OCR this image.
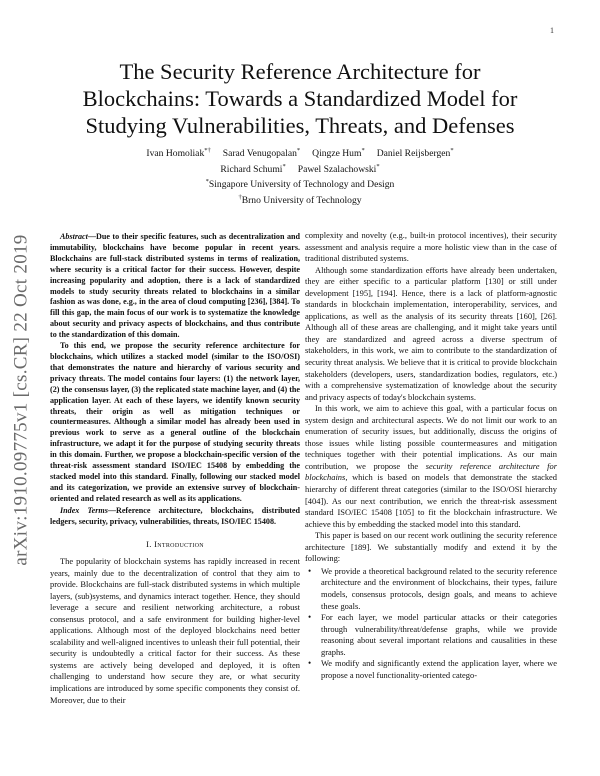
1
arXiv:1910.09775v1 [cs.CR] 22 Oct 2019
The Security Reference Architecture for
Blockchains: Towards a Standardized Model for
Studying Vulnerabilities, Threats, and Defenses
Ivan Homoliak*† Sarad Venugopalan* Qingze Hum* Daniel Reijsbergen*
Richard Schumi* Pawel Szalachowski*
*Singapore University of Technology and Design
†Brno University of Technology

Abstract—Due to their specific features, such as decentralization and immutability, blockchains have become popular in recent years. Blockchains are full-stack distributed systems in terms of realization, where security is a critical factor for their success. However, despite increasing popularity and adoption, there is a lack of standardized models to study security threats related to blockchains in a similar fashion as was done, e.g., in the area of cloud computing [236], [384]. To fill this gap, the main focus of our work is to systematize the knowledge about security and privacy aspects of blockchains, and thus contribute to the standardization of this domain.

To this end, we propose the security reference architecture for blockchains, which utilizes a stacked model (similar to the ISO/OSI) that demonstrates the nature and hierarchy of various security and privacy threats. The model contains four layers: (1) the network layer, (2) the consensus layer, (3) the replicated state machine layer, and (4) the application layer. At each of these layers, we identify known security threats, their origin as well as mitigation techniques or countermeasures. Although a similar model has already been used in previous work to serve as a general outline of the blockchain infrastructure, we adapt it for the purpose of studying security threats in this domain. Further, we propose a blockchain-specific version of the threat-risk assessment standard ISO/IEC 15408 by embedding the stacked model into this standard. Finally, following our stacked model and its categorization, we provide an extensive survey of blockchain-oriented and related research as well as its applications.

Index Terms—Reference architecture, blockchains, distributed ledgers, security, privacy, vulnerabilities, threats, ISO/IEC 15408.

I. Introduction

The popularity of blockchain systems has rapidly increased in recent years, mainly due to the decentralization of control that they aim to provide. Blockchains are full-stack distributed systems in which multiple layers, (sub)systems, and dynamics interact together. Hence, they should leverage a secure and resilient networking architecture, a robust consensus protocol, and a safe environment for building higher-level applications. Although most of the deployed blockchains need better scalability and well-aligned incentives to unleash their full potential, their security is undoubtedly a critical factor for their success. As these systems are actively being developed and deployed, it is often challenging to understand how secure they are, or what security implications are introduced by some specific components they consist of. Moreover, due to their

complexity and novelty (e.g., built-in protocol incentives), their security assessment and analysis require a more holistic view than in the case of traditional distributed systems.

Although some standardization efforts have already been undertaken, they are either specific to a particular platform [130] or still under development [195], [194]. Hence, there is a lack of platform-agnostic standards in blockchain implementation, interoperability, services, and applications, as well as the analysis of its security threats [160], [26]. Although all of these areas are challenging, and it might take years until they are standardized and agreed across a diverse spectrum of stakeholders, in this work, we aim to contribute to the standardization of security threat analysis. We believe that it is critical to provide blockchain stakeholders (developers, users, standardization bodies, regulators, etc.) with a comprehensive systematization of knowledge about the security and privacy aspects of today's blockchain systems.

In this work, we aim to achieve this goal, with a particular focus on system design and architectural aspects. We do not limit our work to an enumeration of security issues, but additionally, discuss the origins of those issues while listing possible countermeasures and mitigation techniques together with their potential implications. As our main contribution, we propose the security reference architecture for blockchains, which is based on models that demonstrate the stacked hierarchy of different threat categories (similar to the ISO/OSI hierarchy [404]). As our next contribution, we enrich the threat-risk assessment standard ISO/IEC 15408 [105] to fit the blockchain infrastructure. We achieve this by embedding the stacked model into this standard.

This paper is based on our recent work outlining the security reference architecture [189]. We substantially modify and extend it by the following:

• We provide a theoretical background related to the security reference architecture and the environment of blockchains, their types, failure models, consensus protocols, design goals, and means to achieve these goals.
• For each layer, we model particular attacks or their categories through vulnerability/threat/defense graphs, while we provide reasoning about several important relations and causalities in these graphs.
• We modify and significantly extend the application layer, where we propose a novel functionality-oriented catego-
